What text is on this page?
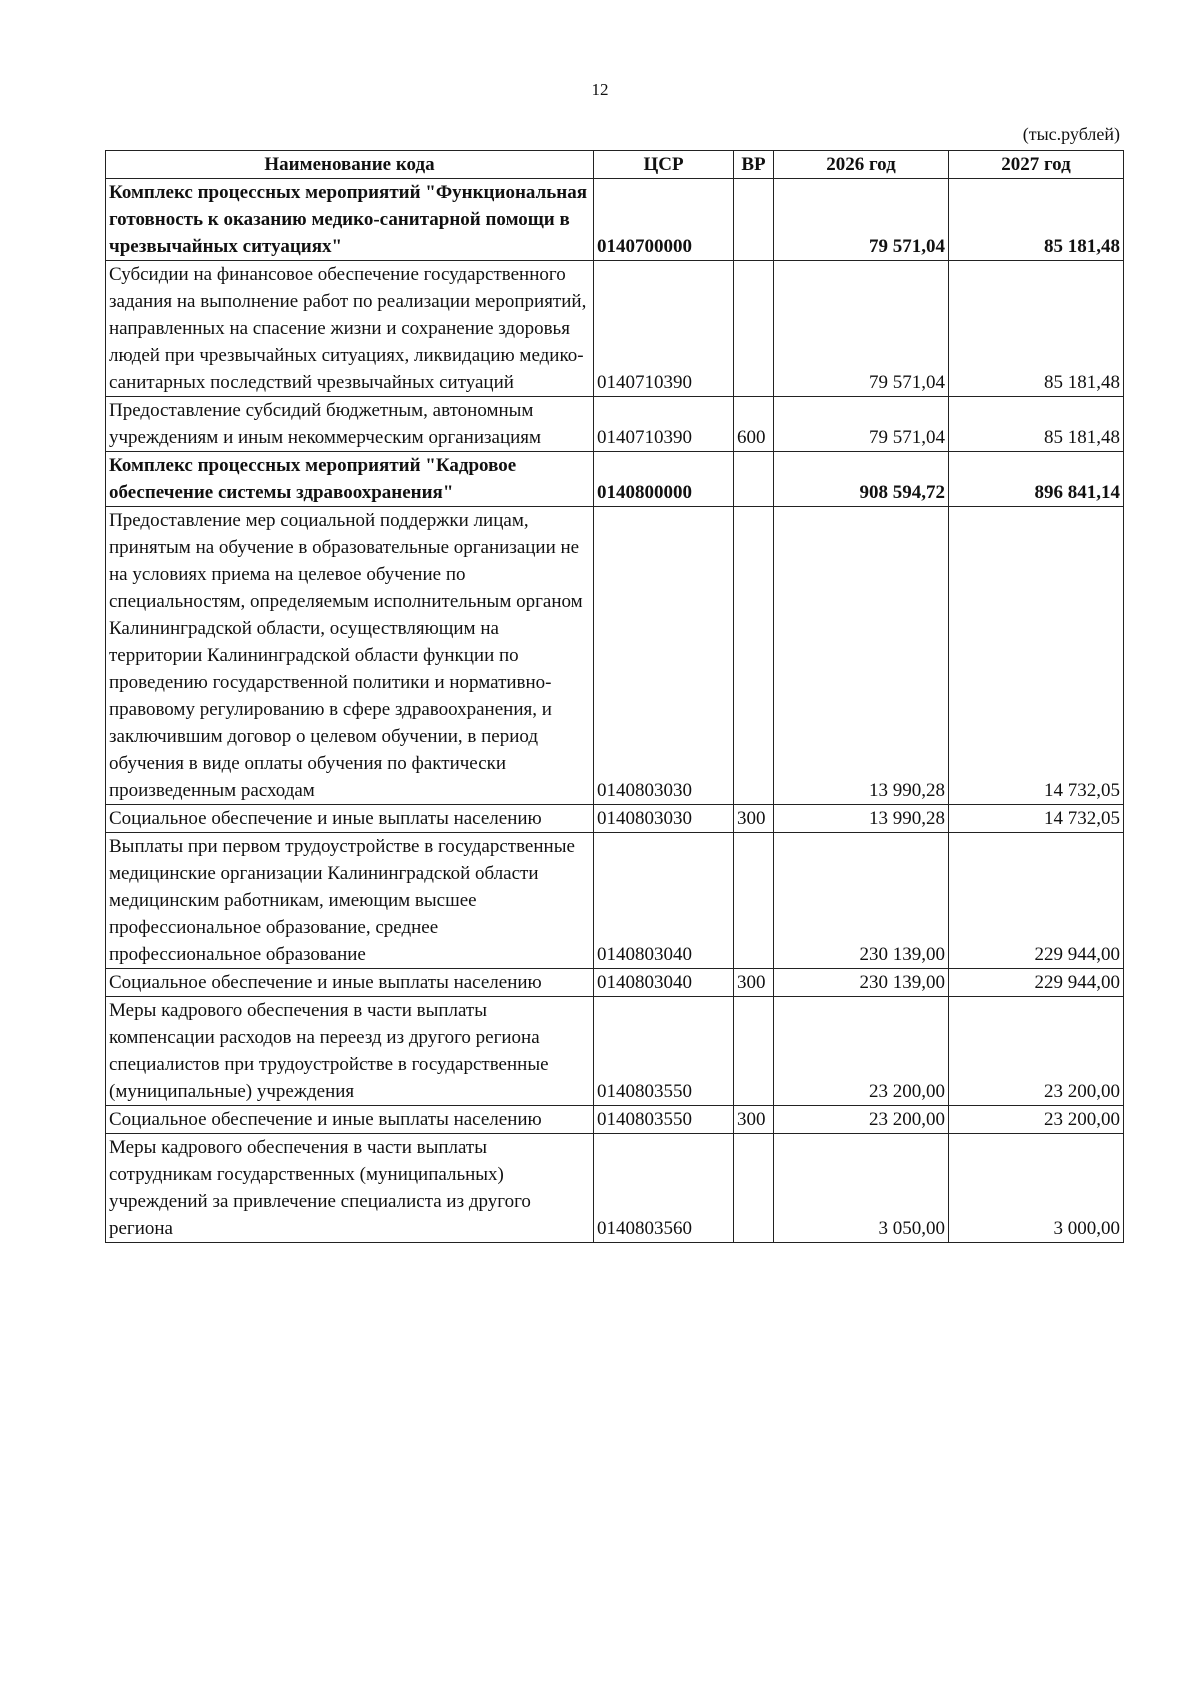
12
(тыс.рублей)
Наименование кода	ЦСР	ВР	2026 год	2027 год
Комплекс процессных мероприятий "Функциональная готовность к оказанию медико-санитарной помощи в чрезвычайных ситуациях"	0140700000		79 571,04	85 181,48
Субсидии на финансовое обеспечение государственного задания на выполнение работ по реализации мероприятий, направленных на спасение жизни и сохранение здоровья людей при чрезвычайных ситуациях, ликвидацию медико-санитарных последствий чрезвычайных ситуаций	0140710390		79 571,04	85 181,48
Предоставление субсидий бюджетным, автономным учреждениям и иным некоммерческим организациям	0140710390	600	79 571,04	85 181,48
Комплекс процессных мероприятий "Кадровое обеспечение системы здравоохранения"	0140800000		908 594,72	896 841,14
Предоставление мер социальной поддержки лицам, принятым на обучение в образовательные организации не на условиях приема на целевое обучение по специальностям, определяемым исполнительным органом Калининградской области, осуществляющим на территории Калининградской области функции по проведению государственной политики и нормативно-правовому регулированию в сфере здравоохранения, и заключившим договор о целевом обучении, в период обучения в виде оплаты обучения по фактически произведенным расходам	0140803030		13 990,28	14 732,05
Социальное обеспечение и иные выплаты населению	0140803030	300	13 990,28	14 732,05
Выплаты при первом трудоустройстве в государственные медицинские организации Калининградской области медицинским работникам, имеющим высшее профессиональное образование, среднее профессиональное образование	0140803040		230 139,00	229 944,00
Социальное обеспечение и иные выплаты населению	0140803040	300	230 139,00	229 944,00
Меры кадрового обеспечения в части выплаты компенсации расходов на переезд из другого региона специалистов при трудоустройстве в государственные (муниципальные) учреждения	0140803550		23 200,00	23 200,00
Социальное обеспечение и иные выплаты населению	0140803550	300	23 200,00	23 200,00
Меры кадрового обеспечения в части выплаты сотрудникам государственных (муниципальных) учреждений за привлечение специалиста из другого региона	0140803560		3 050,00	3 000,00
